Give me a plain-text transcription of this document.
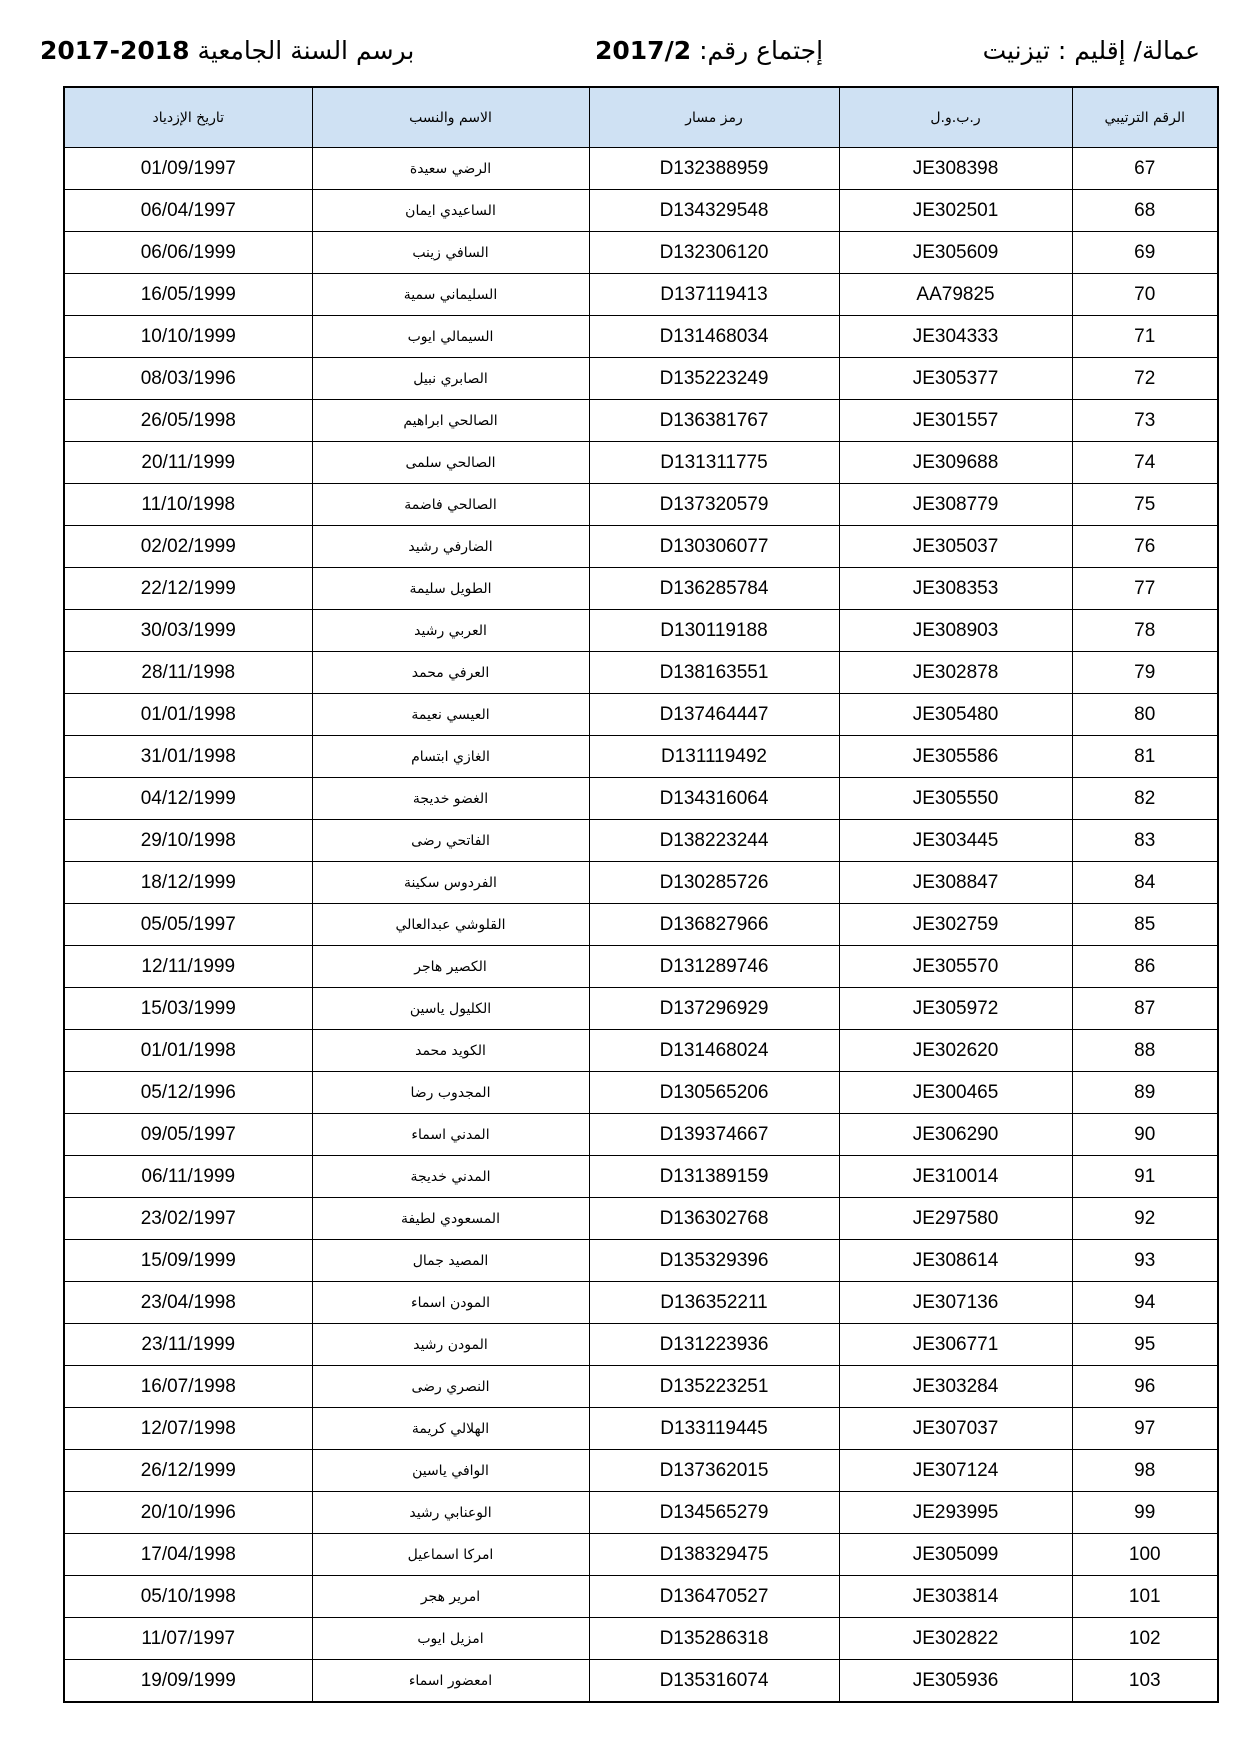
عمالة/ إقليم : تيزنيت
إجتماع رقم: 2017/2
برسم السنة الجامعية 2018-2017
الرقم الترتيبي	ر.ب.و.ل	رمز مسار	الاسم والنسب	تاريخ الإزدياد
67	JE308398	D132388959	الرضي سعيدة	01/09/1997
68	JE302501	D134329548	الساعيدي ايمان	06/04/1997
69	JE305609	D132306120	السافي زينب	06/06/1999
70	AA79825	D137119413	السليماني سمية	16/05/1999
71	JE304333	D131468034	السيمالي ايوب	10/10/1999
72	JE305377	D135223249	الصابري نبيل	08/03/1996
73	JE301557	D136381767	الصالحي ابراهيم	26/05/1998
74	JE309688	D131311775	الصالحي سلمى	20/11/1999
75	JE308779	D137320579	الصالحي فاضمة	11/10/1998
76	JE305037	D130306077	الضارفي رشيد	02/02/1999
77	JE308353	D136285784	الطويل سليمة	22/12/1999
78	JE308903	D130119188	العربي رشيد	30/03/1999
79	JE302878	D138163551	العرفي محمد	28/11/1998
80	JE305480	D137464447	العيسي نعيمة	01/01/1998
81	JE305586	D131119492	الغازي ابتسام	31/01/1998
82	JE305550	D134316064	الغضو خديجة	04/12/1999
83	JE303445	D138223244	الفاتحي رضى	29/10/1998
84	JE308847	D130285726	الفردوس سكينة	18/12/1999
85	JE302759	D136827966	القلوشي عبدالعالي	05/05/1997
86	JE305570	D131289746	الكصير هاجر	12/11/1999
87	JE305972	D137296929	الكليول ياسين	15/03/1999
88	JE302620	D131468024	الكويد محمد	01/01/1998
89	JE300465	D130565206	المجدوب رضا	05/12/1996
90	JE306290	D139374667	المدني اسماء	09/05/1997
91	JE310014	D131389159	المدني خديجة	06/11/1999
92	JE297580	D136302768	المسعودي لطيفة	23/02/1997
93	JE308614	D135329396	المصيد جمال	15/09/1999
94	JE307136	D136352211	المودن اسماء	23/04/1998
95	JE306771	D131223936	المودن رشيد	23/11/1999
96	JE303284	D135223251	النصري رضى	16/07/1998
97	JE307037	D133119445	الهلالي كريمة	12/07/1998
98	JE307124	D137362015	الوافي ياسين	26/12/1999
99	JE293995	D134565279	الوعنابي رشيد	20/10/1996
100	JE305099	D138329475	امركا اسماعيل	17/04/1998
101	JE303814	D136470527	امرير هجر	05/10/1998
102	JE302822	D135286318	امزيل ايوب	11/07/1997
103	JE305936	D135316074	امعضور اسماء	19/09/1999
